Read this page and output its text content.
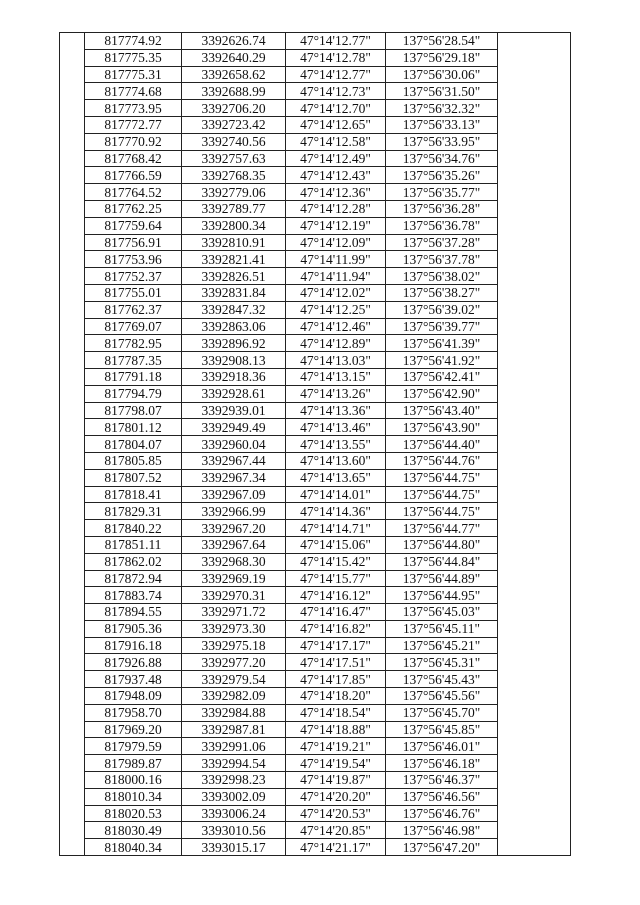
	817774.92	3392626.74	47°14'12.77"	137°56'28.54"	
	817775.35	3392640.29	47°14'12.78"	137°56'29.18"	
	817775.31	3392658.62	47°14'12.77"	137°56'30.06"	
	817774.68	3392688.99	47°14'12.73"	137°56'31.50"	
	817773.95	3392706.20	47°14'12.70"	137°56'32.32"	
	817772.77	3392723.42	47°14'12.65"	137°56'33.13"	
	817770.92	3392740.56	47°14'12.58"	137°56'33.95"	
	817768.42	3392757.63	47°14'12.49"	137°56'34.76"	
	817766.59	3392768.35	47°14'12.43"	137°56'35.26"	
	817764.52	3392779.06	47°14'12.36"	137°56'35.77"	
	817762.25	3392789.77	47°14'12.28"	137°56'36.28"	
	817759.64	3392800.34	47°14'12.19"	137°56'36.78"	
	817756.91	3392810.91	47°14'12.09"	137°56'37.28"	
	817753.96	3392821.41	47°14'11.99"	137°56'37.78"	
	817752.37	3392826.51	47°14'11.94"	137°56'38.02"	
	817755.01	3392831.84	47°14'12.02"	137°56'38.27"	
	817762.37	3392847.32	47°14'12.25"	137°56'39.02"	
	817769.07	3392863.06	47°14'12.46"	137°56'39.77"	
	817782.95	3392896.92	47°14'12.89"	137°56'41.39"	
	817787.35	3392908.13	47°14'13.03"	137°56'41.92"	
	817791.18	3392918.36	47°14'13.15"	137°56'42.41"	
	817794.79	3392928.61	47°14'13.26"	137°56'42.90"	
	817798.07	3392939.01	47°14'13.36"	137°56'43.40"	
	817801.12	3392949.49	47°14'13.46"	137°56'43.90"	
	817804.07	3392960.04	47°14'13.55"	137°56'44.40"	
	817805.85	3392967.44	47°14'13.60"	137°56'44.76"	
	817807.52	3392967.34	47°14'13.65"	137°56'44.75"	
	817818.41	3392967.09	47°14'14.01"	137°56'44.75"	
	817829.31	3392966.99	47°14'14.36"	137°56'44.75"	
	817840.22	3392967.20	47°14'14.71"	137°56'44.77"	
	817851.11	3392967.64	47°14'15.06"	137°56'44.80"	
	817862.02	3392968.30	47°14'15.42"	137°56'44.84"	
	817872.94	3392969.19	47°14'15.77"	137°56'44.89"	
	817883.74	3392970.31	47°14'16.12"	137°56'44.95"	
	817894.55	3392971.72	47°14'16.47"	137°56'45.03"	
	817905.36	3392973.30	47°14'16.82"	137°56'45.11"	
	817916.18	3392975.18	47°14'17.17"	137°56'45.21"	
	817926.88	3392977.20	47°14'17.51"	137°56'45.31"	
	817937.48	3392979.54	47°14'17.85"	137°56'45.43"	
	817948.09	3392982.09	47°14'18.20"	137°56'45.56"	
	817958.70	3392984.88	47°14'18.54"	137°56'45.70"	
	817969.20	3392987.81	47°14'18.88"	137°56'45.85"	
	817979.59	3392991.06	47°14'19.21"	137°56'46.01"	
	817989.87	3392994.54	47°14'19.54"	137°56'46.18"	
	818000.16	3392998.23	47°14'19.87"	137°56'46.37"	
	818010.34	3393002.09	47°14'20.20"	137°56'46.56"	
	818020.53	3393006.24	47°14'20.53"	137°56'46.76"	
	818030.49	3393010.56	47°14'20.85"	137°56'46.98"	
	818040.34	3393015.17	47°14'21.17"	137°56'47.20"	
